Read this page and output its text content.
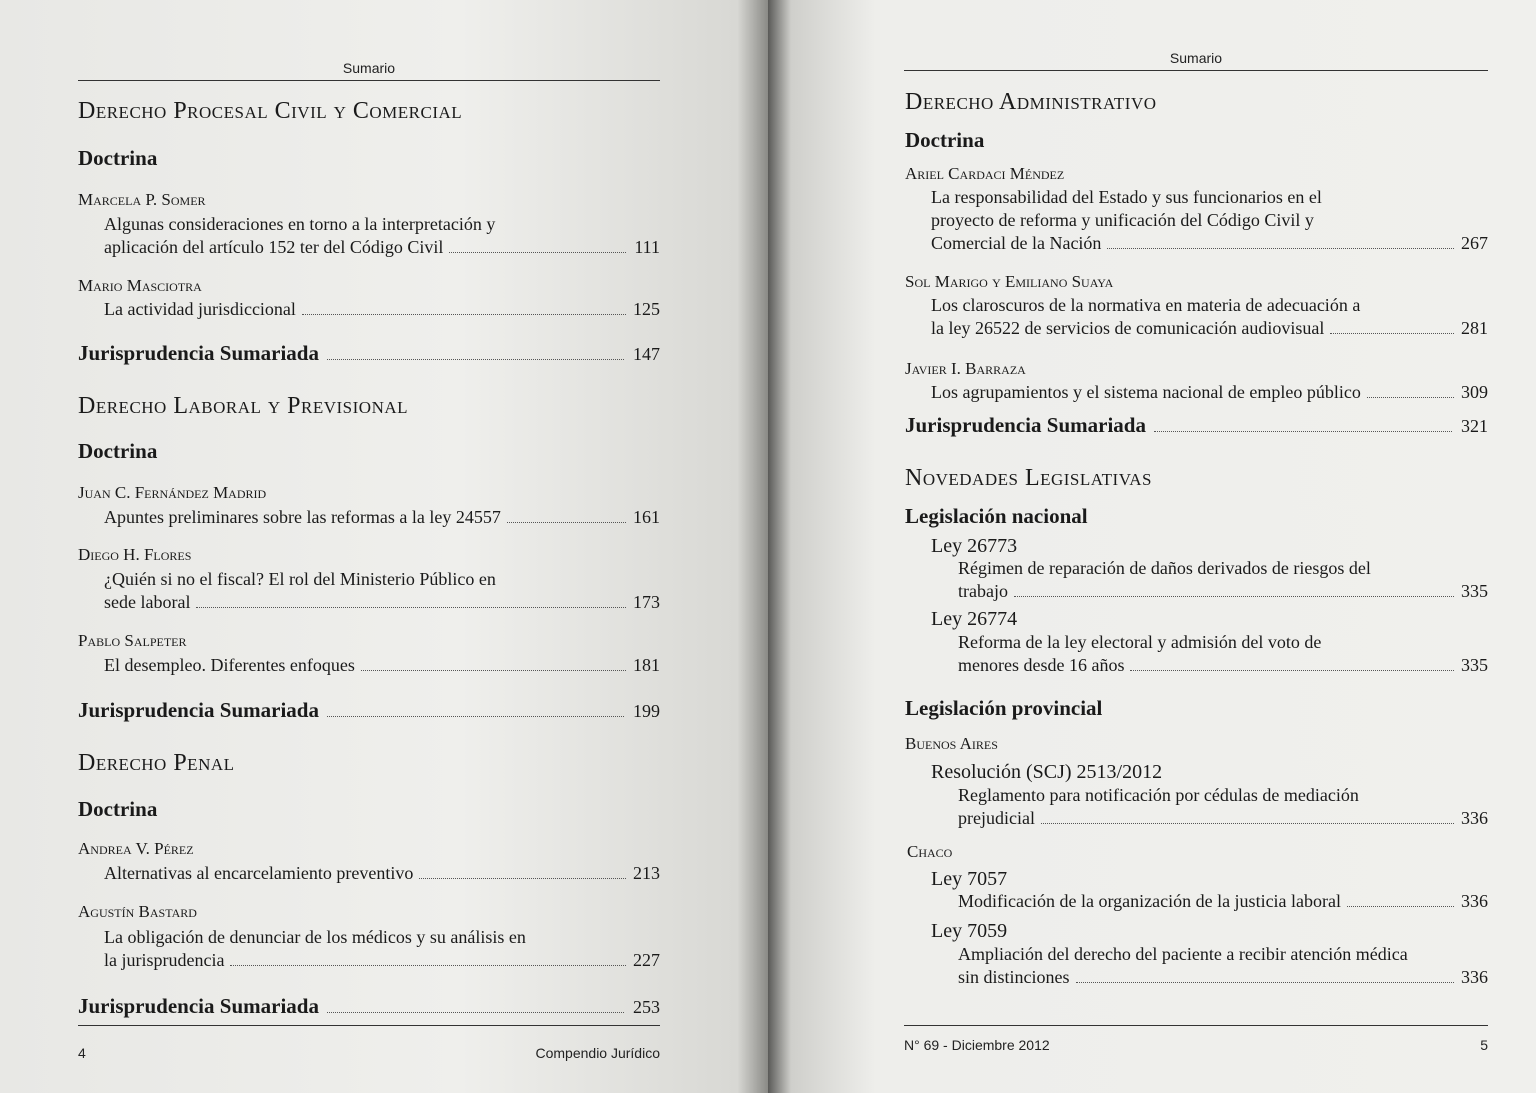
Sumario
Derecho Procesal Civil y Comercial
Doctrina
Marcela P. Somer
Algunas consideraciones en torno a la interpretación y
aplicación del artículo 152 ter del Código Civil	111
Mario Masciotra
La actividad jurisdiccional	125
Jurisprudencia Sumariada	147
Derecho Laboral y Previsional
Doctrina
Juan C. Fernández Madrid
Apuntes preliminares sobre las reformas a la ley 24557	161
Diego H. Flores
¿Quién si no el fiscal? El rol del Ministerio Público en
sede laboral	173
Pablo Salpeter
El desempleo. Diferentes enfoques	181
Jurisprudencia Sumariada	199
Derecho Penal
Doctrina
Andrea V. Pérez
Alternativas al encarcelamiento preventivo	213
Agustín Bastard
La obligación de denunciar de los médicos y su análisis en
la jurisprudencia	227
Jurisprudencia Sumariada	253
4	Compendio Jurídico
Sumario
Derecho Administrativo
Doctrina
Ariel Cardaci Méndez
La responsabilidad del Estado y sus funcionarios en el
proyecto de reforma y unificación del Código Civil y
Comercial de la Nación	267
Sol Marigo y Emiliano Suaya
Los claroscuros de la normativa en materia de adecuación a
la ley 26522 de servicios de comunicación audiovisual	281
Javier I. Barraza
Los agrupamientos y el sistema nacional de empleo público	309
Jurisprudencia Sumariada	321
Novedades Legislativas
Legislación nacional
Ley 26773
Régimen de reparación de daños derivados de riesgos del
trabajo	335
Ley 26774
Reforma de la ley electoral y admisión del voto de
menores desde 16 años	335
Legislación provincial
Buenos Aires
Resolución (SCJ) 2513/2012
Reglamento para notificación por cédulas de mediación
prejudicial	336
Chaco
Ley 7057
Modificación de la organización de la justicia laboral	336
Ley 7059
Ampliación del derecho del paciente a recibir atención médica
sin distinciones	336
N° 69 - Diciembre 2012	5
